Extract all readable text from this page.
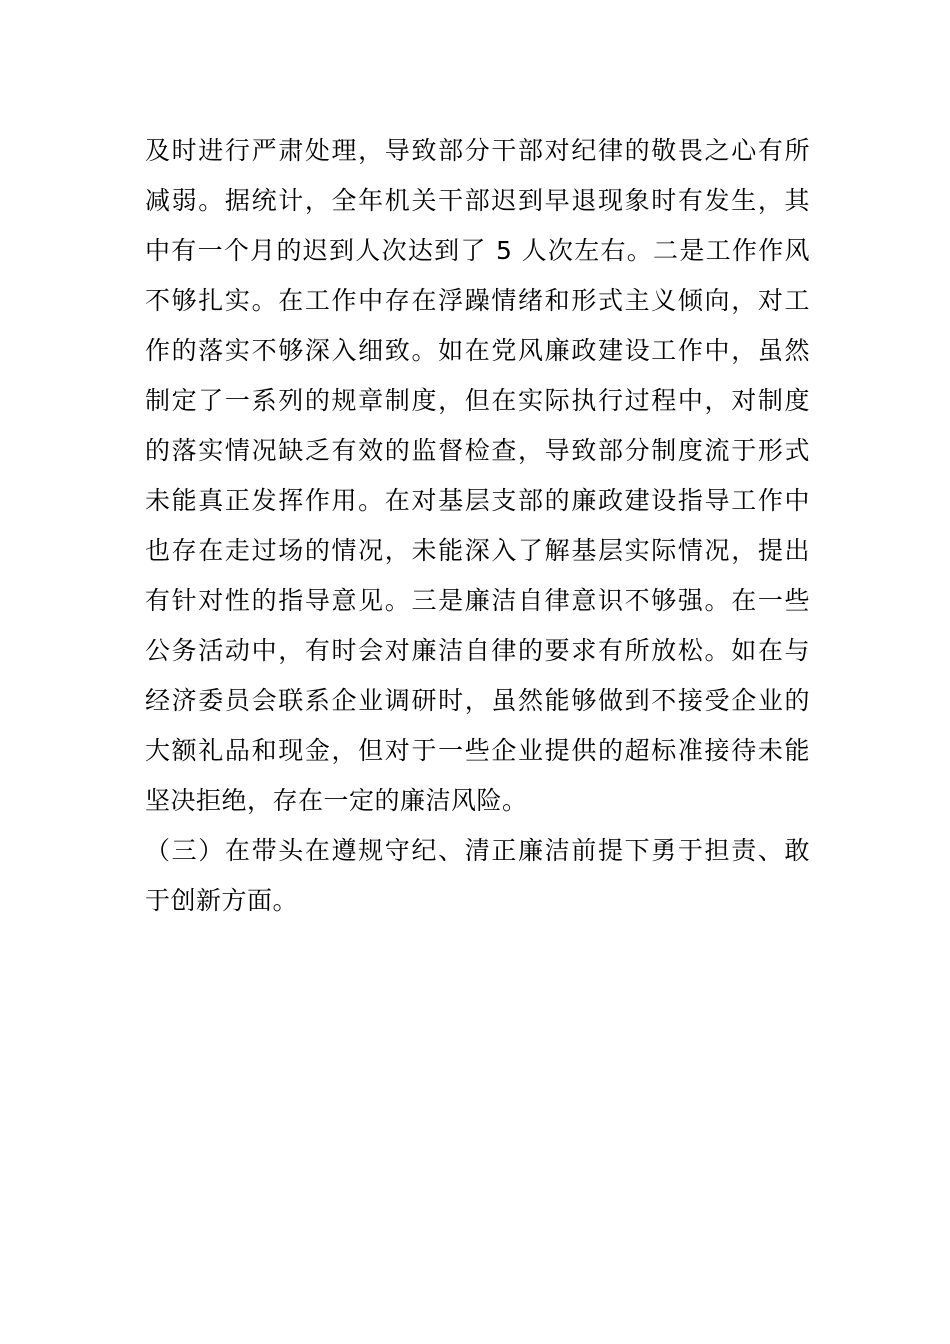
及时进行严肃处理，导致部分干部对纪律的敬畏之心有所
减弱。据统计，全年机关干部迟到早退现象时有发生，其
中有一个月的迟到人次达到了 5 人次左右。二是工作作风
不够扎实。在工作中存在浮躁情绪和形式主义倾向，对工
作的落实不够深入细致。如在党风廉政建设工作中，虽然
制定了一系列的规章制度，但在实际执行过程中，对制度
的落实情况缺乏有效的监督检查，导致部分制度流于形式
未能真正发挥作用。在对基层支部的廉政建设指导工作中
也存在走过场的情况，未能深入了解基层实际情况，提出
有针对性的指导意见。三是廉洁自律意识不够强。在一些
公务活动中，有时会对廉洁自律的要求有所放松。如在与
经济委员会联系企业调研时，虽然能够做到不接受企业的
大额礼品和现金，但对于一些企业提供的超标准接待未能
坚决拒绝，存在一定的廉洁风险。
（三）在带头在遵规守纪、清正廉洁前提下勇于担责、敢
于创新方面。
